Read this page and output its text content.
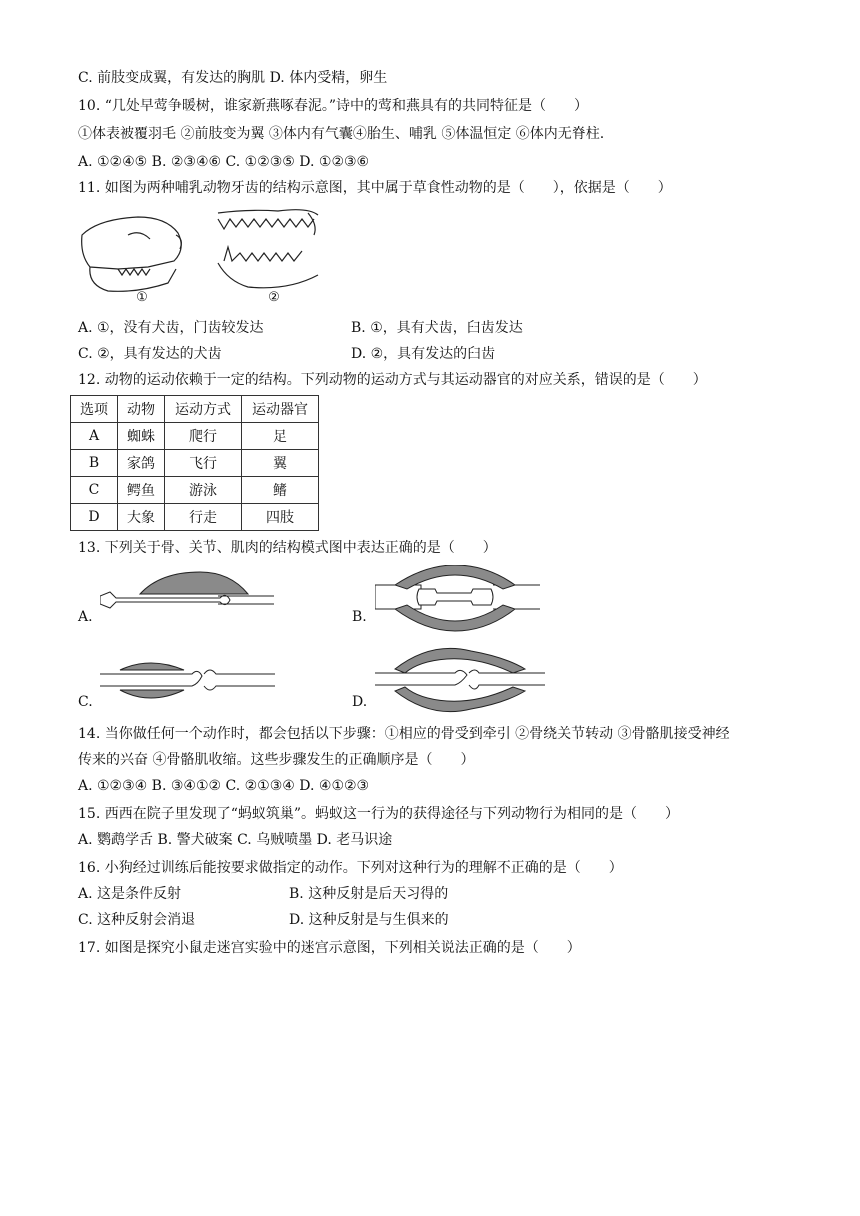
C. 前肢变成翼，有发达的胸肌 D. 体内受精，卵生
10. “几处早莺争暖树，谁家新燕啄春泥。”诗中的莺和燕具有的共同特征是（　　）
①体表被覆羽毛 ②前肢变为翼 ③体内有气囊④胎生、哺乳 ⑤体温恒定 ⑥体内无脊柱.
A. ①②④⑤ B. ②③④⑥ C. ①②③⑤ D. ①②③⑥
11. 如图为两种哺乳动物牙齿的结构示意图，其中属于草食性动物的是（　　），依据是（　　）
①	②
A. ①，没有犬齿，门齿较发达	B. ①，具有犬齿，臼齿发达
C. ②，具有发达的犬齿	D. ②，具有发达的臼齿
12. 动物的运动依赖于一定的结构。下列动物的运动方式与其运动器官的对应关系，错误的是（　　）
选项	动物	运动方式	运动器官
A	蜘蛛	爬行	足
B	家鸽	飞行	翼
C	鳄鱼	游泳	鳍
D	大象	行走	四肢
13. 下列关于骨、关节、肌肉的结构模式图中表达正确的是（　　）
A.	B.
C.	D.
14. 当你做任何一个动作时，都会包括以下步骤：①相应的骨受到牵引 ②骨绕关节转动 ③骨骼肌接受神经
传来的兴奋 ④骨骼肌收缩。这些步骤发生的正确顺序是（　　）
A. ①②③④ B. ③④①② C. ②①③④ D. ④①②③
15. 西西在院子里发现了“蚂蚁筑巢”。蚂蚁这一行为的获得途径与下列动物行为相同的是（　　）
A. 鹦鹉学舌 B. 警犬破案 C. 乌贼喷墨 D. 老马识途
16. 小狗经过训练后能按要求做指定的动作。下列对这种行为的理解不正确的是（　　）
A. 这是条件反射	B. 这种反射是后天习得的
C. 这种反射会消退	D. 这种反射是与生俱来的
17. 如图是探究小鼠走迷宫实验中的迷宫示意图，下列相关说法正确的是（　　）
